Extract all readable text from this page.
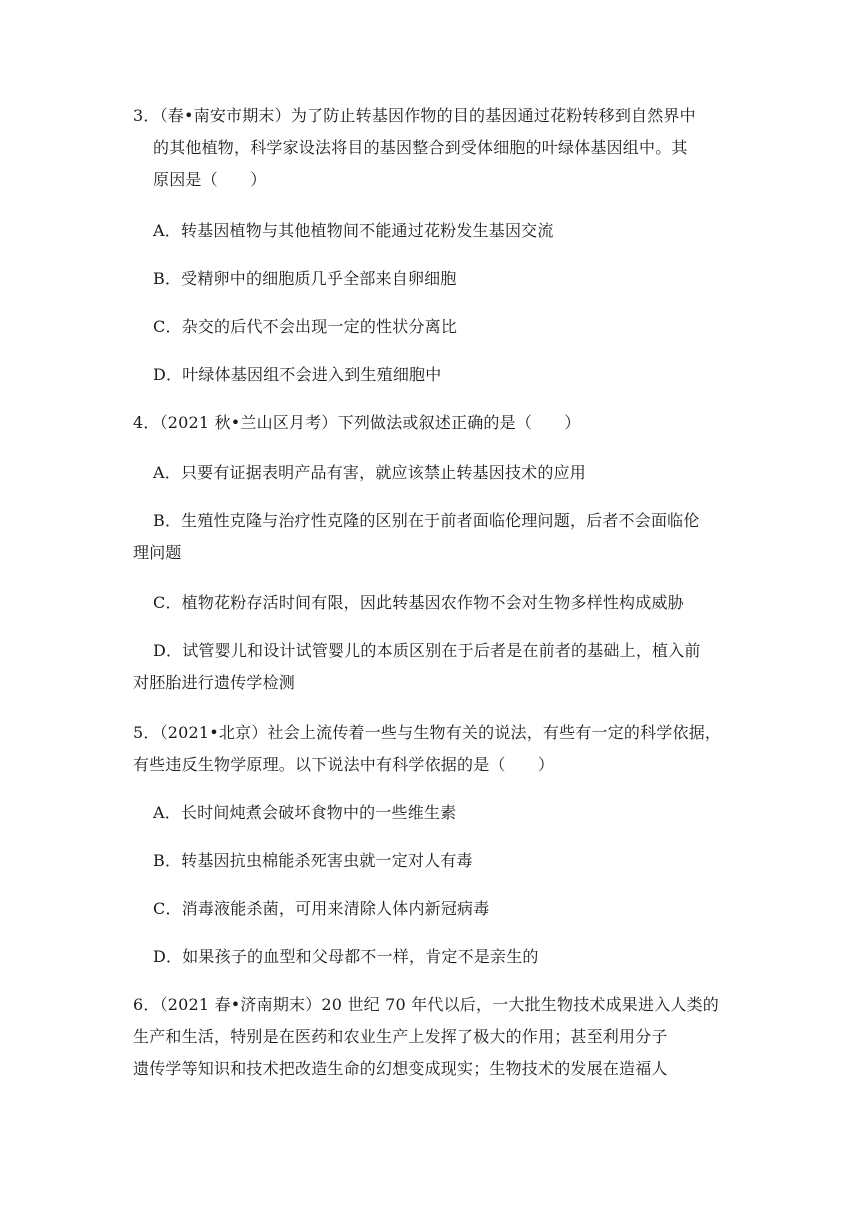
3．（春•南安市期末）为了防止转基因作物的目的基因通过花粉转移到自然界中
的其他植物，科学家设法将目的基因整合到受体细胞的叶绿体基因组中。其
原因是（　　）
A．转基因植物与其他植物间不能通过花粉发生基因交流
B．受精卵中的细胞质几乎全部来自卵细胞
C．杂交的后代不会出现一定的性状分离比
D．叶绿体基因组不会进入到生殖细胞中
4．（2021 秋•兰山区月考）下列做法或叙述正确的是（　　）
A．只要有证据表明产品有害，就应该禁止转基因技术的应用
B．生殖性克隆与治疗性克隆的区别在于前者面临伦理问题，后者不会面临伦
理问题
C．植物花粉存活时间有限，因此转基因农作物不会对生物多样性构成威胁
D．试管婴儿和设计试管婴儿的本质区别在于后者是在前者的基础上，植入前
对胚胎进行遗传学检测
5．（2021•北京）社会上流传着一些与生物有关的说法，有些有一定的科学依据，
有些违反生物学原理。以下说法中有科学依据的是（　　）
A．长时间炖煮会破坏食物中的一些维生素
B．转基因抗虫棉能杀死害虫就一定对人有毒
C．消毒液能杀菌，可用来清除人体内新冠病毒
D．如果孩子的血型和父母都不一样，肯定不是亲生的
6．（2021 春•济南期末）20 世纪 70 年代以后，一大批生物技术成果进入人类的
生产和生活，特别是在医药和农业生产上发挥了极大的作用；甚至利用分子
遗传学等知识和技术把改造生命的幻想变成现实；生物技术的发展在造福人
